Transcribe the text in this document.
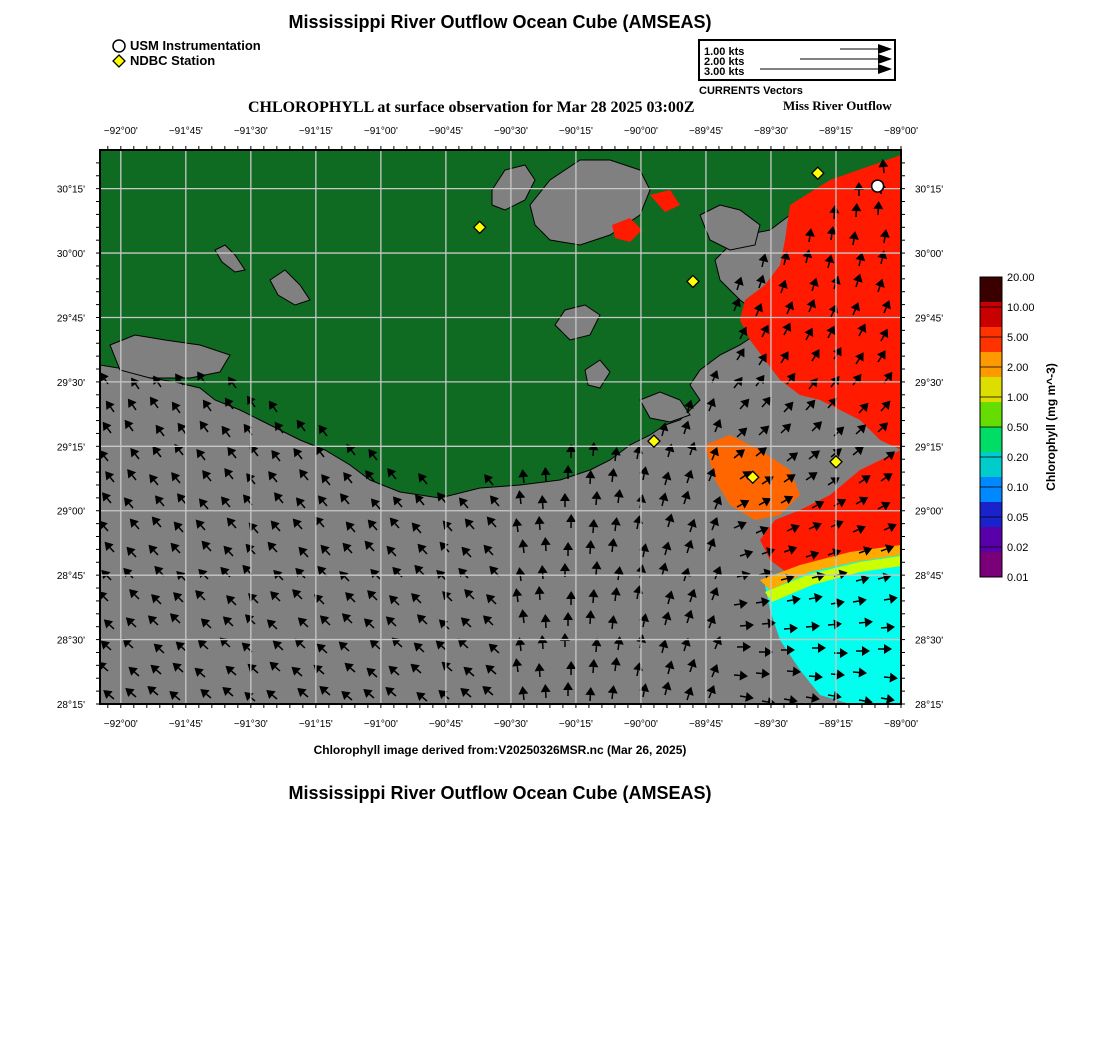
Mississippi River Outflow Ocean Cube (AMSEAS)
USM Instrumentation
NDBC Station
CHLOROPHYLL at surface observation for Mar 28 2025 03:00Z	Miss River Outflow
Chlorophyll image derived from:V20250326MSR.nc (Mar 26, 2025)
Mississippi River Outflow Ocean Cube (AMSEAS)
−92°00'	−91°45'	−91°30'	−91°15'	−91°00'	−90°45'	−90°30'	−90°15'	−90°00'	−89°45'	−89°30'	−89°15'	−89°00'
−92°00'	−91°45'	−91°30'	−91°15'	−91°00'	−90°45'	−90°30'	−90°15'	−90°00'	−89°45'	−89°30'	−89°15'	−89°00'
30°15'
30°00'
29°45'
29°30'
29°15'
29°00'
28°45'
28°30'
28°15'
30°15'
30°00'
29°45'
29°30'
29°15'
29°00'
28°45'
28°30'
28°15'
1.00 kts
2.00 kts
3.00 kts
CURRENTS Vectors
20.00
10.00
5.00
2.00
1.00
0.50
0.20
0.10
0.05
0.02
0.01
Chlorophyll (mg m^-3)
